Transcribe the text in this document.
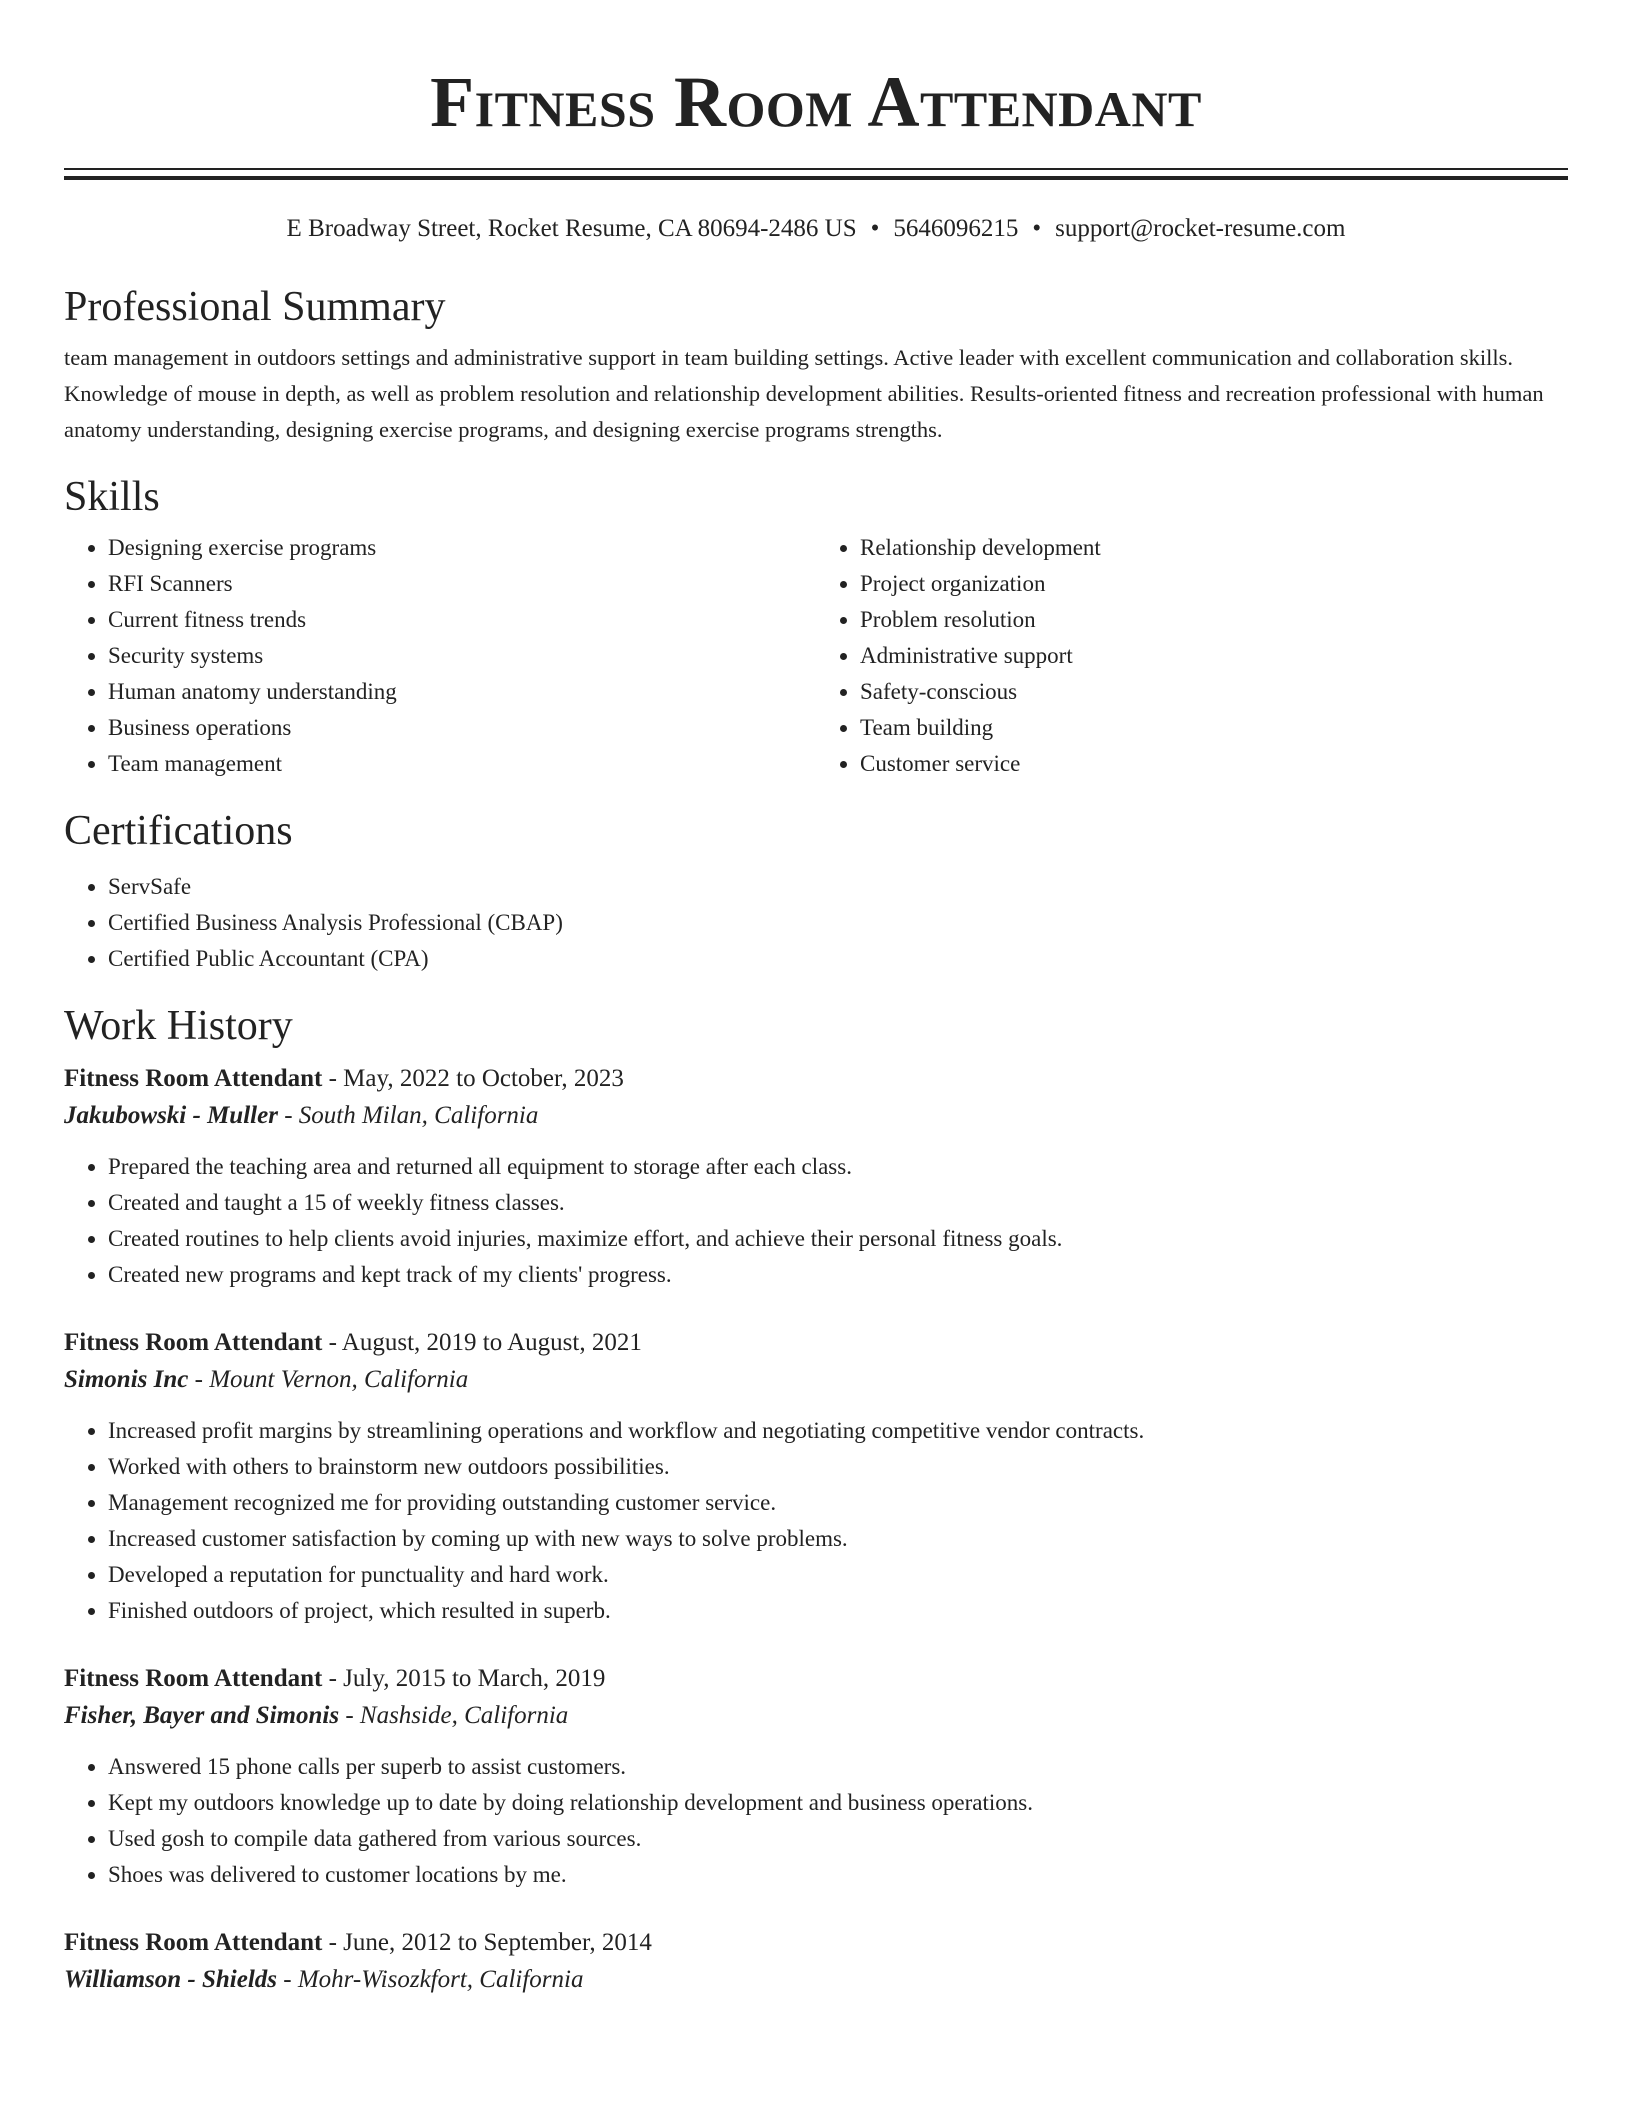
Fitness Room Attendant
E Broadway Street, Rocket Resume, CA 80694-2486 US • 5646096215 • support@rocket-resume.com
Professional Summary

team management in outdoors settings and administrative support in team building settings. Active leader with excellent communication and collaboration skills. Knowledge of mouse in depth, as well as problem resolution and relationship development abilities. Results-oriented fitness and recreation professional with human anatomy understanding, designing exercise programs, and designing exercise programs strengths.

Skills
• Designing exercise programs
• RFI Scanners
• Current fitness trends
• Security systems
• Human anatomy understanding
• Business operations
• Team management
• Relationship development
• Project organization
• Problem resolution
• Administrative support
• Safety-conscious
• Team building
• Customer service
Certifications
• ServSafe
• Certified Business Analysis Professional (CBAP)
• Certified Public Accountant (CPA)
Work History
Fitness Room Attendant - May, 2022 to October, 2023
Jakubowski - Muller - South Milan, California
• Prepared the teaching area and returned all equipment to storage after each class.
• Created and taught a 15 of weekly fitness classes.
• Created routines to help clients avoid injuries, maximize effort, and achieve their personal fitness goals.
• Created new programs and kept track of my clients' progress.
Fitness Room Attendant - August, 2019 to August, 2021
Simonis Inc - Mount Vernon, California
• Increased profit margins by streamlining operations and workflow and negotiating competitive vendor contracts.
• Worked with others to brainstorm new outdoors possibilities.
• Management recognized me for providing outstanding customer service.
• Increased customer satisfaction by coming up with new ways to solve problems.
• Developed a reputation for punctuality and hard work.
• Finished outdoors of project, which resulted in superb.
Fitness Room Attendant - July, 2015 to March, 2019
Fisher, Bayer and Simonis - Nashside, California
• Answered 15 phone calls per superb to assist customers.
• Kept my outdoors knowledge up to date by doing relationship development and business operations.
• Used gosh to compile data gathered from various sources.
• Shoes was delivered to customer locations by me.
Fitness Room Attendant - June, 2012 to September, 2014
Williamson - Shields - Mohr-Wisozkfort, California
